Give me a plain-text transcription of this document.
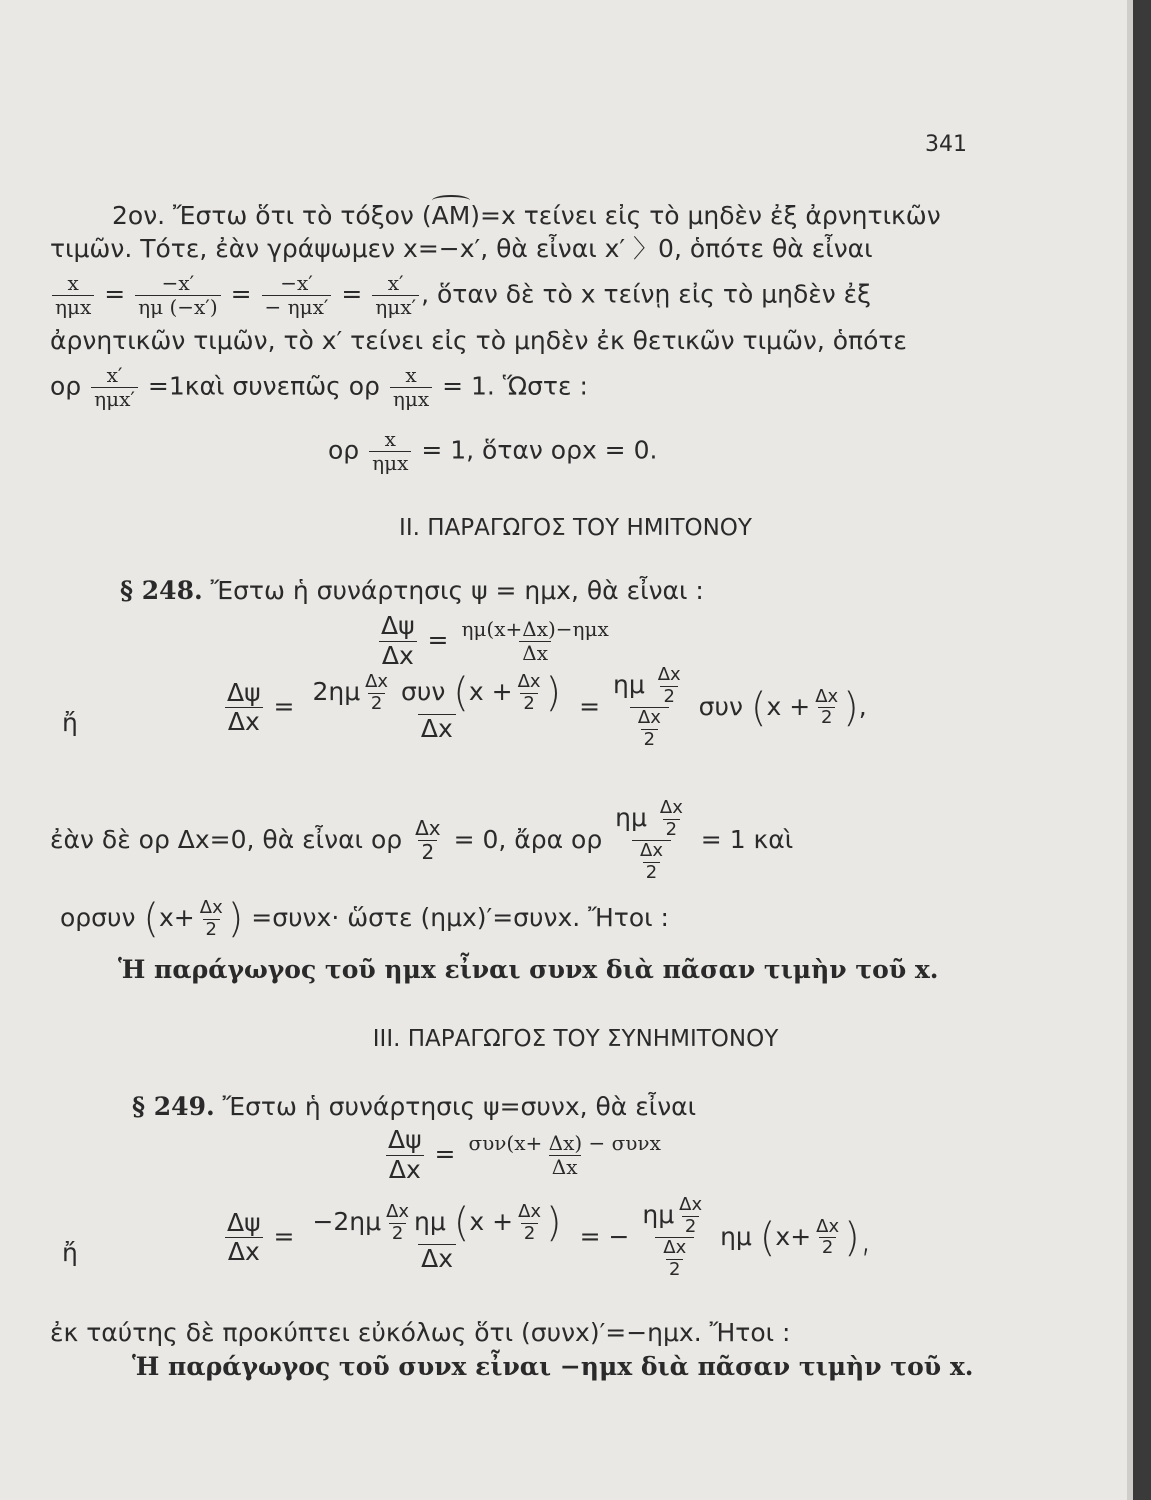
341
2ον. Ἔστω ὅτι τὸ τόξον (
AM)=x τείνει εἰς τὸ μηδὲν ἐξ ἀρνητικῶν
τιμῶν. Τότε, ἐὰν γράψωμεν x=−x′, θὰ εἶναι x′ 〉0, ὁπότε θὰ εἶναι
$\frac{x}{\text{ημx}} = \frac{-x'}{\eta\mu (-x')} = \frac{-x'}{\text{− ημx′}} = \frac{x'}{\text{ημx′}}$ , ὅταν δὲ τὸ x τείνῃ εἰς τὸ μηδὲν ἐξ
ἀρνητικῶν τιμῶν, τὸ x′ τείνει εἰς τὸ μηδὲν ἐκ θετικῶν τιμῶν, ὁπότε
ορ $\frac{x'}{\text{ημx′}}$ =1καὶ συνεπῶς ορ $\frac{x}{\text{ημx}} = 1$. Ὥστε :
ορ $\frac{x}{\text{ημx}} = 1$, ὅταν ορx = 0.
II. ΠΑΡΑΓΩΓΟΣ ΤΟΥ ΗΜΙΤΟΝΟΥ
§ 248. Ἔστω ἡ συνάρτησις ψ = ημx, θὰ εἶναι :
$\frac{\Delta\psi}{\Delta x} = \frac{\text{ημ(x+Δx)−ημx}}{\Delta x}$
ἤ	$\frac{\Delta\psi}{\Delta x} = \frac{2\eta\mu \frac{\Delta x}{2} \sigma\upsilon\nu (x + \frac{\Delta x}{2} )}{\Delta x} = \frac{\eta\mu \frac{\Delta x}{2}}{\frac{\Delta x}{2}}$ συν ($x + \frac{\Delta x}{2}$ ),
ἐὰν δὲ ορ Δx=0, θὰ εἶναι ορ $\frac{\Delta x}{2} = 0$, ἄρα ορ $\frac{\eta\mu \frac{\Delta x}{2}}{\frac{\Delta x}{2}} = 1$ καὶ
ορσυν ($x+ \frac{\Delta x}{2}$ ) =συνx· ὥστε (ημx)′=συνx. Ἤτοι :
Ἡ παράγωγος τοῦ ημx εἶναι συνx διὰ πᾶσαν τιμὴν τοῦ x.
III. ΠΑΡΑΓΩΓΟΣ ΤΟΥ ΣΥΝΗΜΙΤΟΝΟΥ
§ 249. Ἔστω ἡ συνάρτησις ψ=συνx, θὰ εἶναι
$\frac{\Delta\psi}{\Delta x} = \frac{\text{συν(x+ Δx) − συνx}}{\Delta x}$
ἤ	$\frac{\Delta\psi}{\Delta x} = \frac{-2\eta\mu \frac{\Delta x}{2} \eta\mu (x + \frac{\Delta x}{2} )}{\Delta x}$ = − $\frac{\eta\mu \frac{\Delta x}{2}}{\frac{\Delta x}{2}}$ ημ ($x+ \frac{\Delta x}{2}$ ),
ἐκ ταύτης δὲ προκύπτει εὐκόλως ὅτι (συνx)′=−ημx. Ἤτοι :
Ἡ παράγωγος τοῦ συνx εἶναι −ημx διὰ πᾶσαν τιμὴν τοῦ x.
